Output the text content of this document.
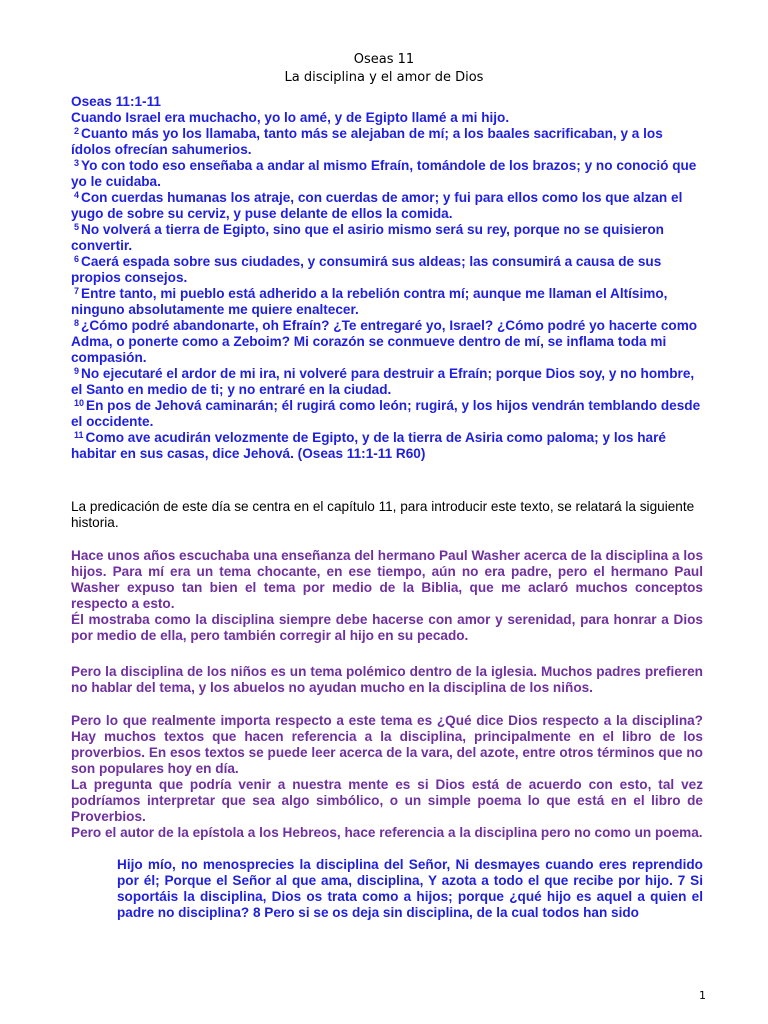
Oseas 11
La disciplina y el amor de Dios

Oseas 11:1-11

Cuando Israel era muchacho, yo lo amé, y de Egipto llamé a mi hijo.

$^2$ Cuanto más yo los llamaba, tanto más se alejaban de mí; a los baales sacrificaban, y a los ídolos ofrecían sahumerios.

$^3$ Yo con todo eso enseñaba a andar al mismo Efraín, tomándole de los brazos; y no conoció que yo le cuidaba.

$^4$ Con cuerdas humanas los atraje, con cuerdas de amor; y fui para ellos como los que alzan el yugo de sobre su cerviz, y puse delante de ellos la comida.

$^5$ No volverá a tierra de Egipto, sino que el asirio mismo será su rey, porque no se quisieron convertir.

$^6$ Caerá espada sobre sus ciudades, y consumirá sus aldeas; las consumirá a causa de sus propios consejos.

$^7$ Entre tanto, mi pueblo está adherido a la rebelión contra mí; aunque me llaman el Altísimo, ninguno absolutamente me quiere enaltecer.

$^8$ ¿Cómo podré abandonarte, oh Efraín? ¿Te entregaré yo, Israel? ¿Cómo podré yo hacerte como Adma, o ponerte como a Zeboim? Mi corazón se conmueve dentro de mí, se inflama toda mi compasión.

$^9$ No ejecutaré el ardor de mi ira, ni volveré para destruir a Efraín; porque Dios soy, y no hombre, el Santo en medio de ti; y no entraré en la ciudad.

$^{10}$ En pos de Jehová caminarán; él rugirá como león; rugirá, y los hijos vendrán temblando desde el occidente.

$^{11}$ Como ave acudirán velozmente de Egipto, y de la tierra de Asiria como paloma; y los haré habitar en sus casas, dice Jehová. (Oseas 11:1-11 R60)

La predicación de este día se centra en el capítulo 11, para introducir este texto, se relatará la siguiente historia.

Hace unos años escuchaba una enseñanza del hermano Paul Washer acerca de la disciplina a los hijos. Para mí era un tema chocante, en ese tiempo, aún no era padre, pero el hermano Paul Washer expuso tan bien el tema por medio de la Biblia, que me aclaró muchos conceptos respecto a esto.

Él mostraba como la disciplina siempre debe hacerse con amor y serenidad, para honrar a Dios por medio de ella, pero también corregir al hijo en su pecado.

Pero la disciplina de los niños es un tema polémico dentro de la iglesia. Muchos padres prefieren no hablar del tema, y los abuelos no ayudan mucho en la disciplina de los niños.

Pero lo que realmente importa respecto a este tema es ¿Qué dice Dios respecto a la disciplina? Hay muchos textos que hacen referencia a la disciplina, principalmente en el libro de los proverbios. En esos textos se puede leer acerca de la vara, del azote, entre otros términos que no son populares hoy en día.

La pregunta que podría venir a nuestra mente es si Dios está de acuerdo con esto, tal vez podríamos interpretar que sea algo simbólico, o un simple poema lo que está en el libro de Proverbios.

Pero el autor de la epístola a los Hebreos, hace referencia a la disciplina pero no como un poema.

Hijo mío, no menosprecies la disciplina del Señor, Ni desmayes cuando eres reprendido por él; Porque el Señor al que ama, disciplina, Y azota a todo el que recibe por hijo. 7 Si soportáis la disciplina, Dios os trata como a hijos; porque ¿qué hijo es aquel a quien el padre no disciplina? 8 Pero si se os deja sin disciplina, de la cual todos han sido

1
